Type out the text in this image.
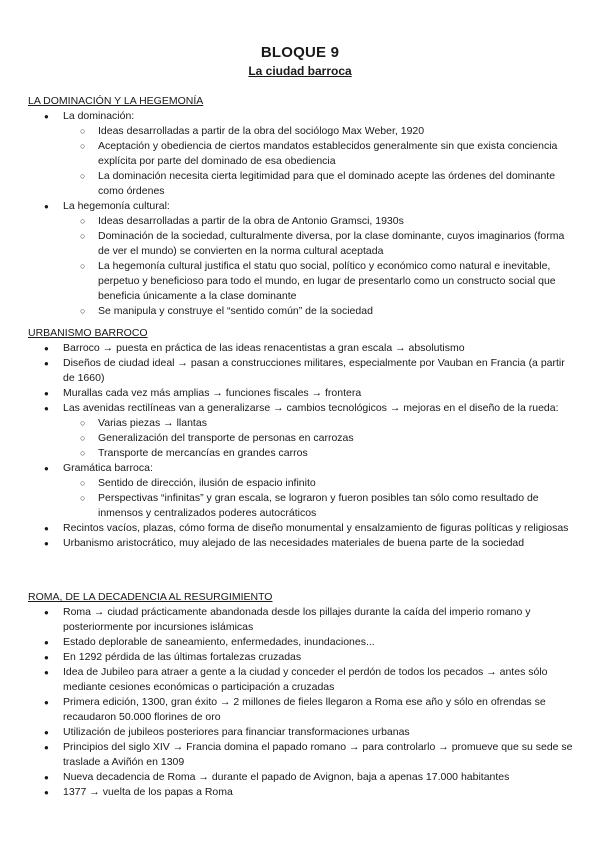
BLOQUE 9
La ciudad barroca
LA DOMINACIÓN Y LA HEGEMONÍA
● La dominación:
○ Ideas desarrolladas a partir de la obra del sociólogo Max Weber, 1920
○ Aceptación y obediencia de ciertos mandatos establecidos generalmente sin que exista conciencia explícita por parte del dominado de esa obediencia
○ La dominación necesita cierta legitimidad para que el dominado acepte las órdenes del dominante como órdenes
● La hegemonía cultural:
○ Ideas desarrolladas a partir de la obra de Antonio Gramsci, 1930s
○ Dominación de la sociedad, culturalmente diversa, por la clase dominante, cuyos imaginarios (forma de ver el mundo) se convierten en la norma cultural aceptada
○ La hegemonía cultural justifica el statu quo social, político y económico como natural e inevitable, perpetuo y beneficioso para todo el mundo, en lugar de presentarlo como un constructo social que beneficia únicamente a la clase dominante
○ Se manipula y construye el “sentido común” de la sociedad
URBANISMO BARROCO
● Barroco → puesta en práctica de las ideas renacentistas a gran escala → absolutismo
● Diseños de ciudad ideal → pasan a construcciones militares, especialmente por Vauban en Francia (a partir de 1660)
● Murallas cada vez más amplias → funciones fiscales → frontera
● Las avenidas rectilíneas van a generalizarse → cambios tecnológicos → mejoras en el diseño de la rueda:
○ Varias piezas → llantas
○ Generalización del transporte de personas en carrozas
○ Transporte de mercancías en grandes carros
● Gramática barroca:
○ Sentido de dirección, ilusión de espacio infinito
○ Perspectivas “infinitas” y gran escala, se lograron y fueron posibles tan sólo como resultado de inmensos y centralizados poderes autocráticos
● Recintos vacíos, plazas, cómo forma de diseño monumental y ensalzamiento de figuras políticas y religiosas
● Urbanismo aristocrático, muy alejado de las necesidades materiales de buena parte de la sociedad
ROMA, DE LA DECADENCIA AL RESURGIMIENTO
● Roma → ciudad prácticamente abandonada desde los pillajes durante la caída del imperio romano y posteriormente por incursiones islámicas
● Estado deplorable de saneamiento, enfermedades, inundaciones...
● En 1292 pérdida de las últimas fortalezas cruzadas
● Idea de Jubileo para atraer a gente a la ciudad y conceder el perdón de todos los pecados → antes sólo mediante cesiones económicas o participación a cruzadas
● Primera edición, 1300, gran éxito → 2 millones de fieles llegaron a Roma ese año y sólo en ofrendas se recaudaron 50.000 florines de oro
● Utilización de jubileos posteriores para financiar transformaciones urbanas
● Principios del siglo XIV → Francia domina el papado romano → para controlarlo → promueve que su sede se traslade a Aviñón en 1309
● Nueva decadencia de Roma → durante el papado de Avignon, baja a apenas 17.000 habitantes
● 1377 → vuelta de los papas a Roma
